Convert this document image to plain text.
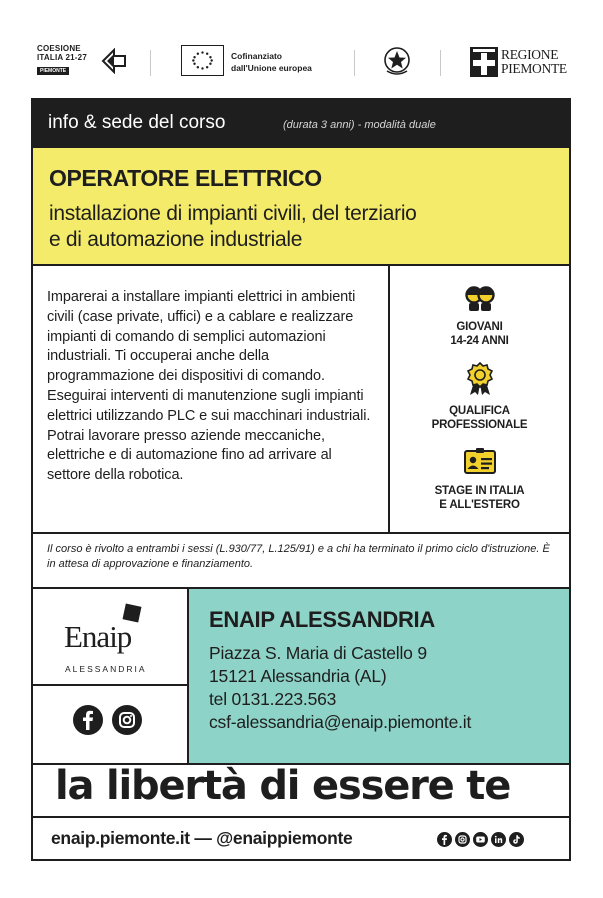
COESIONE
ITALIA 21-27
PIEMONTE
Cofinanziato
dall'Unione europea
REGIONE
PIEMONTE
info & sede del corso	(durata 3 anni) - modalità duale
OPERATORE ELETTRICO
installazione di impianti civili, del terziario
e di automazione industriale

Imparerai a installare impianti elettrici in ambienti civili (case private, uffici) e a cablare e realizzare impianti di comando di semplici automazioni industriali. Ti occuperai anche della programmazione dei dispositivi di comando. Eseguirai interventi di manutenzione sugli impianti elettrici utilizzando PLC e sui macchinari industriali. Potrai lavorare presso aziende meccaniche, elettriche e di automazione fino ad arrivare al settore della robotica.

GIOVANI
14-24 ANNI
QUALIFICA
PROFESSIONALE
STAGE IN ITALIA
E ALL'ESTERO

Il corso è rivolto a entrambi i sessi (L.930/77, L.125/91) e a chi ha terminato il primo ciclo d'istruzione. È in attesa di approvazione e finanziamento.

Enaip
ALESSANDRIA
ENAIP ALESSANDRIA
Piazza S. Maria di Castello 9
15121 Alessandria (AL)
tel 0131.223.563
csf-alessandria@enaip.piemonte.it
la libertà di essere te
enaip.piemonte.it — @enaippiemonte
